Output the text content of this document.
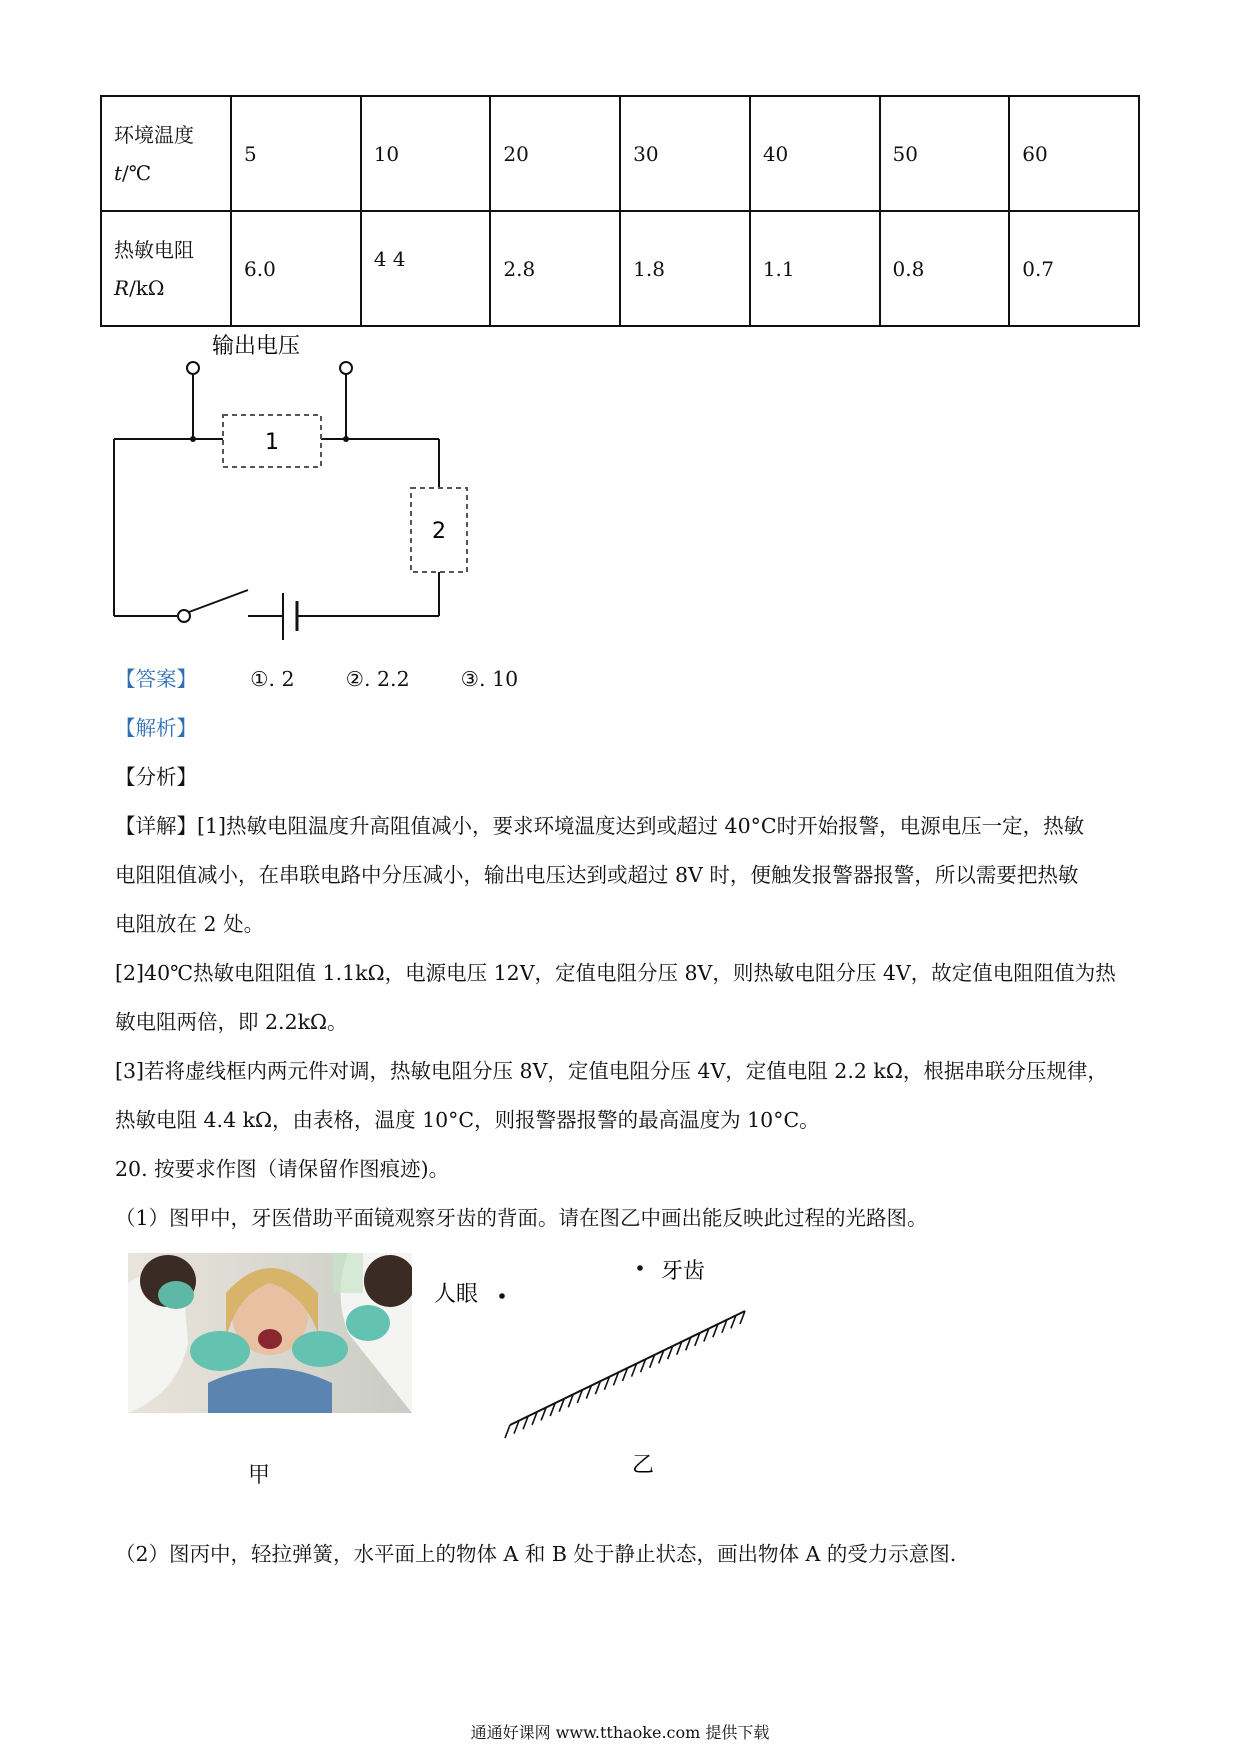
环境温度
t/℃	5	10	20	30	40	50	60
热敏电阻
R/kΩ	6.0	4 4	2.8	1.8	1.1	0.8	0.7
输出电压
1
2
【答案】	①. 2 ②. 2.2 ③. 10
【解析】
【分析】
【详解】[1]热敏电阻温度升高阻值减小，要求环境温度达到或超过 40°C时开始报警，电源电压一定，热敏
电阻阻值减小，在串联电路中分压减小，输出电压达到或超过 8V 时，便触发报警器报警，所以需要把热敏
电阻放在 2 处。
[2]40℃热敏电阻阻值 1.1kΩ，电源电压 12V，定值电阻分压 8V，则热敏电阻分压 4V，故定值电阻阻值为热
敏电阻两倍，即 2.2kΩ。
[3]若将虚线框内两元件对调，热敏电阻分压 8V，定值电阻分压 4V，定值电阻 2.2 kΩ，根据串联分压规律，
热敏电阻 4.4 kΩ，由表格，温度 10°C，则报警器报警的最高温度为 10°C。
20. 按要求作图（请保留作图痕迹)。
（1）图甲中，牙医借助平面镜观察牙齿的背面。请在图乙中画出能反映此过程的光路图。
甲
人眼
牙齿
乙
（2）图丙中，轻拉弹簧，水平面上的物体 A 和 B 处于静止状态，画出物体 A 的受力示意图.
通通好课网 www.tthaoke.com 提供下载
